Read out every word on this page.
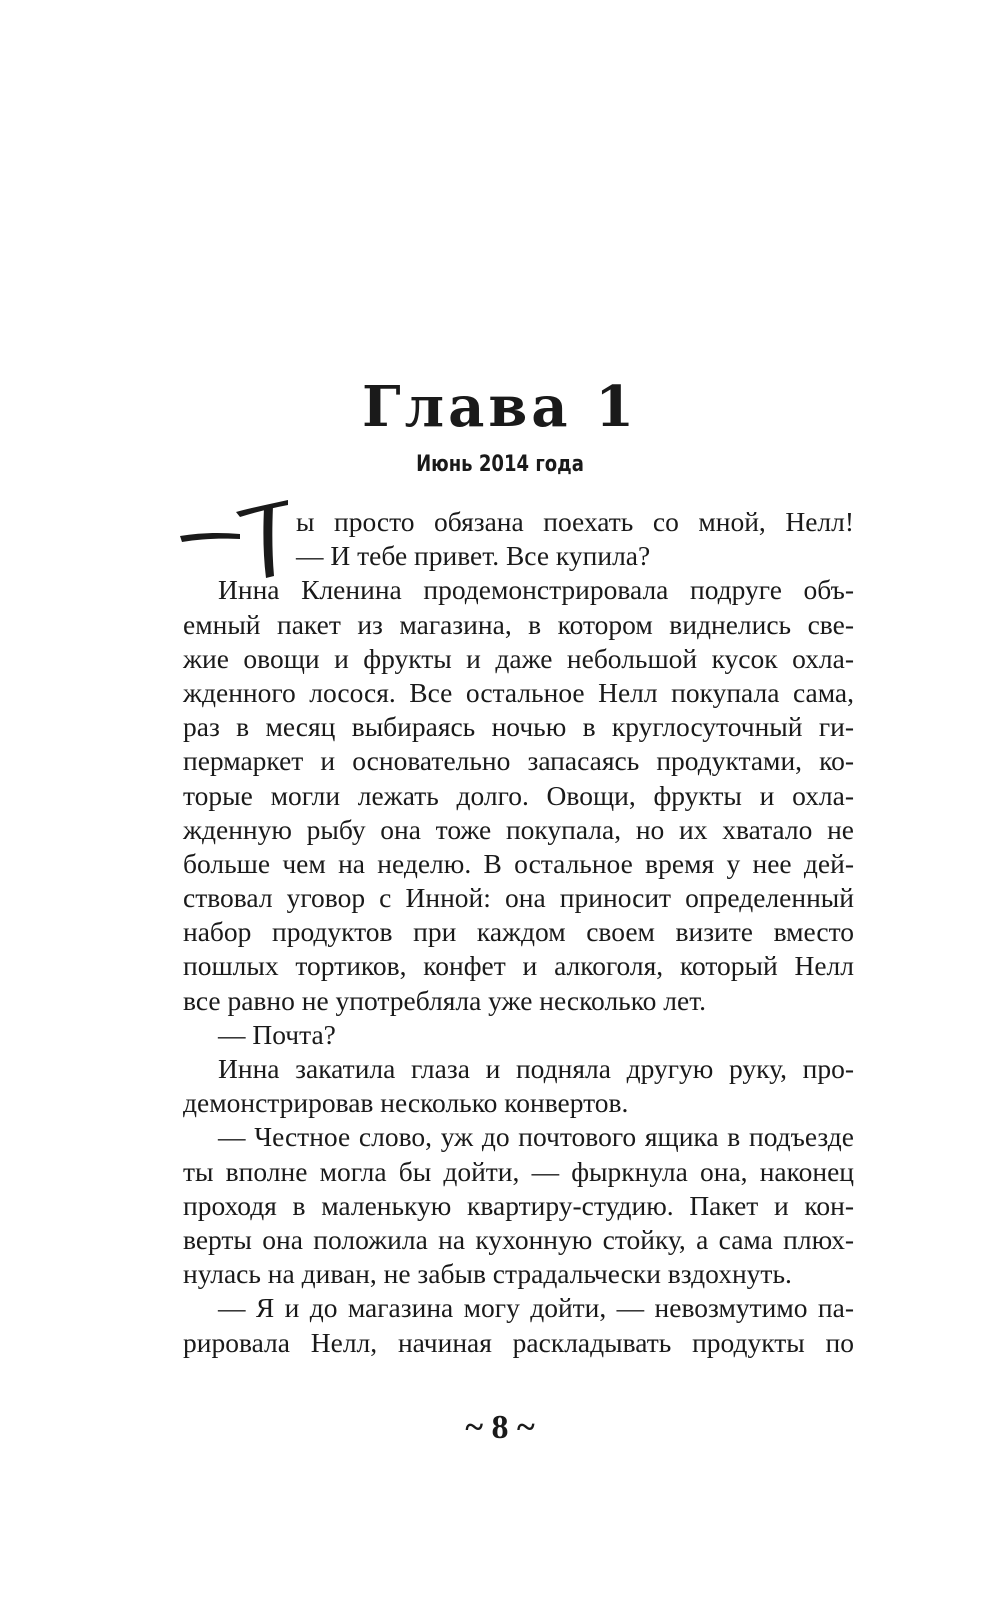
Глава 1
Июнь 2014 года
ы просто обязана поехать со мной, Нелл!
— И тебе привет. Все купила?
Инна Кленина продемонстрировала подруге объ-
емный пакет из магазина, в котором виднелись све-
жие овощи и фрукты и даже небольшой кусок охла-
жденного лосося. Все остальное Нелл покупала сама,
раз в месяц выбираясь ночью в круглосуточный ги-
пермаркет и основательно запасаясь продуктами, ко-
торые могли лежать долго. Овощи, фрукты и охла-
жденную рыбу она тоже покупала, но их хватало не
больше чем на неделю. В остальное время у нее дей-
ствовал уговор с Инной: она приносит определенный
набор продуктов при каждом своем визите вместо
пошлых тортиков, конфет и алкоголя, который Нелл
все равно не употребляла уже несколько лет.
— Почта?
Инна закатила глаза и подняла другую руку, про-
демонстрировав несколько конвертов.
— Честное слово, уж до почтового ящика в подъезде
ты вполне могла бы дойти, — фыркнула она, наконец
проходя в маленькую квартиру-студию. Пакет и кон-
верты она положила на кухонную стойку, а сама плюх-
нулась на диван, не забыв страдальчески вздохнуть.
— Я и до магазина могу дойти, — невозмутимо па-
рировала Нелл, начиная раскладывать продукты по
~ 8 ~
